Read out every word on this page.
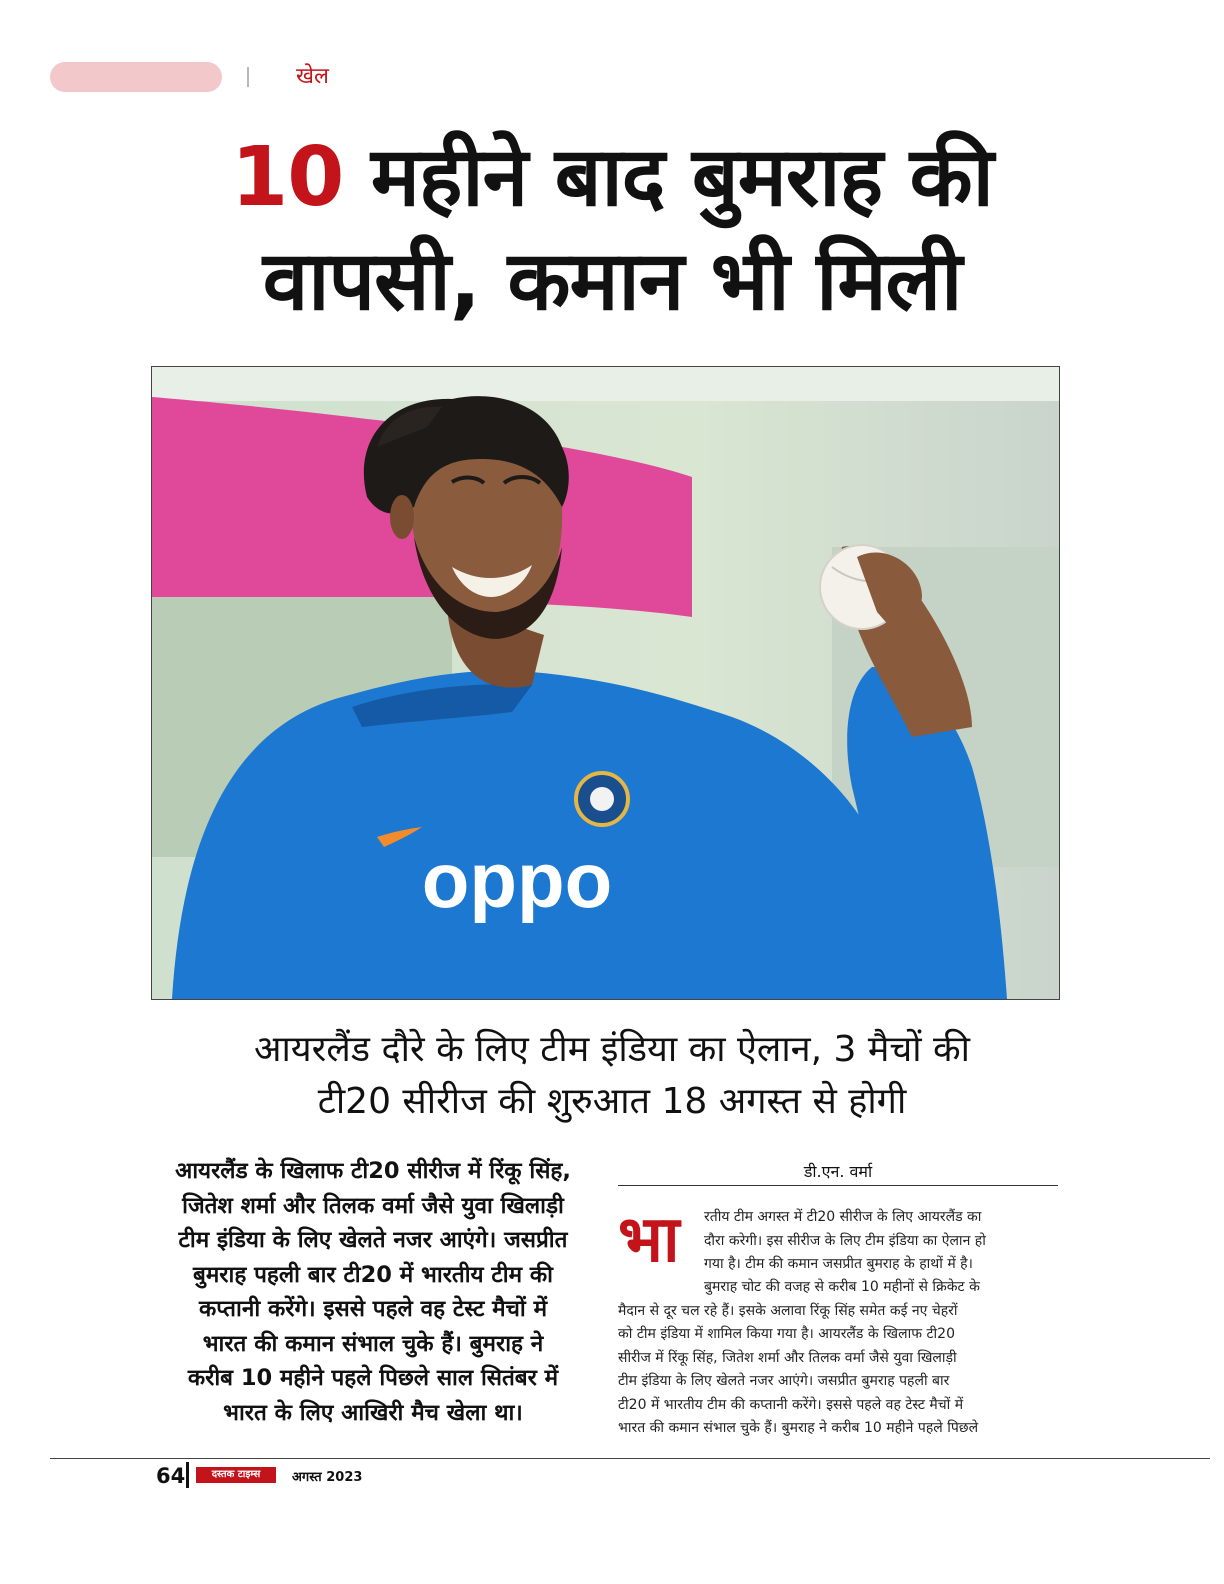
खेल
10 महीने बाद बुमराह की
वापसी, कमान भी मिली
oppo
आयरलैंड दौरे के लिए टीम इंडिया का ऐलान, 3 मैचों की
टी20 सीरीज की शुरुआत 18 अगस्त से होगी
आयरलैंड के खिलाफ टी20 सीरीज में रिंकू सिंह,
जितेश शर्मा और तिलक वर्मा जैसे युवा खिलाड़ी
टीम इंडिया के लिए खेलते नजर आएंगे। जसप्रीत
बुमराह पहली बार टी20 में भारतीय टीम की
कप्तानी करेंगे। इससे पहले वह टेस्ट मैचों में
भारत की कमान संभाल चुके हैं। बुमराह ने
करीब 10 महीने पहले पिछले साल सितंबर में
भारत के लिए आखिरी मैच खेला था।
डी.एन. वर्मा
भा रतीय टीम अगस्त में टी20 सीरीज के लिए आयरलैंड का
दौरा करेगी। इस सीरीज के लिए टीम इंडिया का ऐलान हो
गया है। टीम की कमान जसप्रीत बुमराह के हाथों में है।
बुमराह चोट की वजह से करीब 10 महीनों से क्रिकेट के
मैदान से दूर चल रहे हैं। इसके अलावा रिंकू सिंह समेत कई नए चेहरों
को टीम इंडिया में शामिल किया गया है। आयरलैंड के खिलाफ टी20
सीरीज में रिंकू सिंह, जितेश शर्मा और तिलक वर्मा जैसे युवा खिलाड़ी
टीम इंडिया के लिए खेलते नजर आएंगे। जसप्रीत बुमराह पहली बार
टी20 में भारतीय टीम की कप्तानी करेंगे। इससे पहले वह टेस्ट मैचों में
भारत की कमान संभाल चुके हैं। बुमराह ने करीब 10 महीने पहले पिछले
64	दस्तक टाइम्स	अगस्त 2023
